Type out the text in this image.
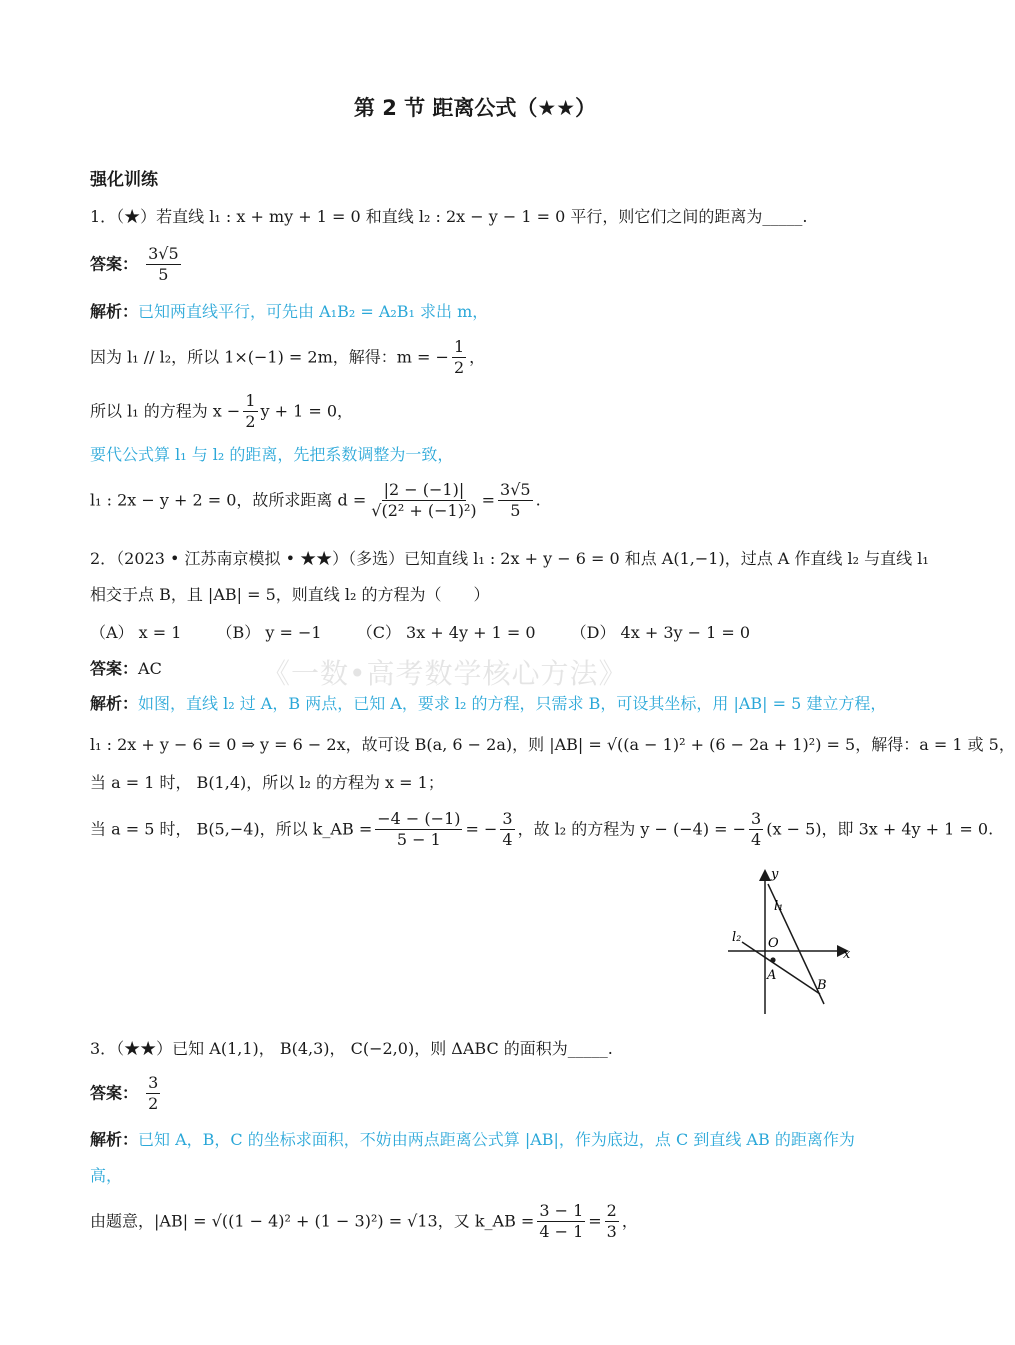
第 2 节 距离公式（★★）
《一数•高考数学核心方法》
强化训练
1．（★）若直线 l₁ : x + my + 1 = 0 和直线 l₂ : 2x − y − 1 = 0 平行，则它们之间的距离为_____.
答案： $\frac{3√5}{5}$
解析：已知两直线平行，可先由 A₁B₂ = A₂B₁ 求出 m，
因为 l₁ // l₂，所以 1×(−1) = 2m，解得：m = − $\frac{1}{2}$ ，
所以 l₁ 的方程为 $x - \frac{1}{2}$ y + 1 = 0，
要代公式算 l₁ 与 l₂ 的距离，先把系数调整为一致，
l₁ : 2x − y + 2 = 0，故所求距离 $d = \frac{|2 - (-1)|}{\text{√(2² + (−1)²)}} = \frac{3√5}{5}$ .
2．（2023 • 江苏南京模拟 • ★★）（多选）已知直线 l₁ : 2x + y − 6 = 0 和点 A(1,−1)，过点 A 作直线 l₂ 与直线 l₁
相交于点 B，且 |AB| = 5，则直线 l₂ 的方程为（　　）
（A） x = 1 （B） y = −1 （C） 3x + 4y + 1 = 0 （D） 4x + 3y − 1 = 0
答案：AC
解析：如图，直线 l₂ 过 A，B 两点，已知 A，要求 l₂ 的方程，只需求 B，可设其坐标，用 |AB| = 5 建立方程，
l₁ : 2x + y − 6 = 0 ⇒ y = 6 − 2x，故可设 B(a, 6 − 2a)，则 |AB| = √((a − 1)² + (6 − 2a + 1)²) = 5，解得：a = 1 或 5，
当 a = 1 时， B(1,4)，所以 l₂ 的方程为 x = 1；
当 a = 5 时， B(5,−4)，所以 k_AB = $\frac{-4 - (-1)}{5 - 1}$ = − $\frac{3}{4}$ ，故 l₂ 的方程为 y − (−4) = − $\frac{3}{4} (x - 5)$，即 3x + 4y + 1 = 0.
y
x
l₁
l₂ O
A
B
3．（★★）已知 A(1,1)， B(4,3)， C(−2,0)，则 ΔABC 的面积为_____.
答案： $\frac{3}{2}$
解析：已知 A，B，C 的坐标求面积，不妨由两点距离公式算 |AB|，作为底边，点 C 到直线 AB 的距离作为
高，
由题意，|AB| = √((1 − 4)² + (1 − 3)²) = √13，又 k_AB = $\frac{3 - 1}{4 - 1} = \frac{2}{3}$ ，
